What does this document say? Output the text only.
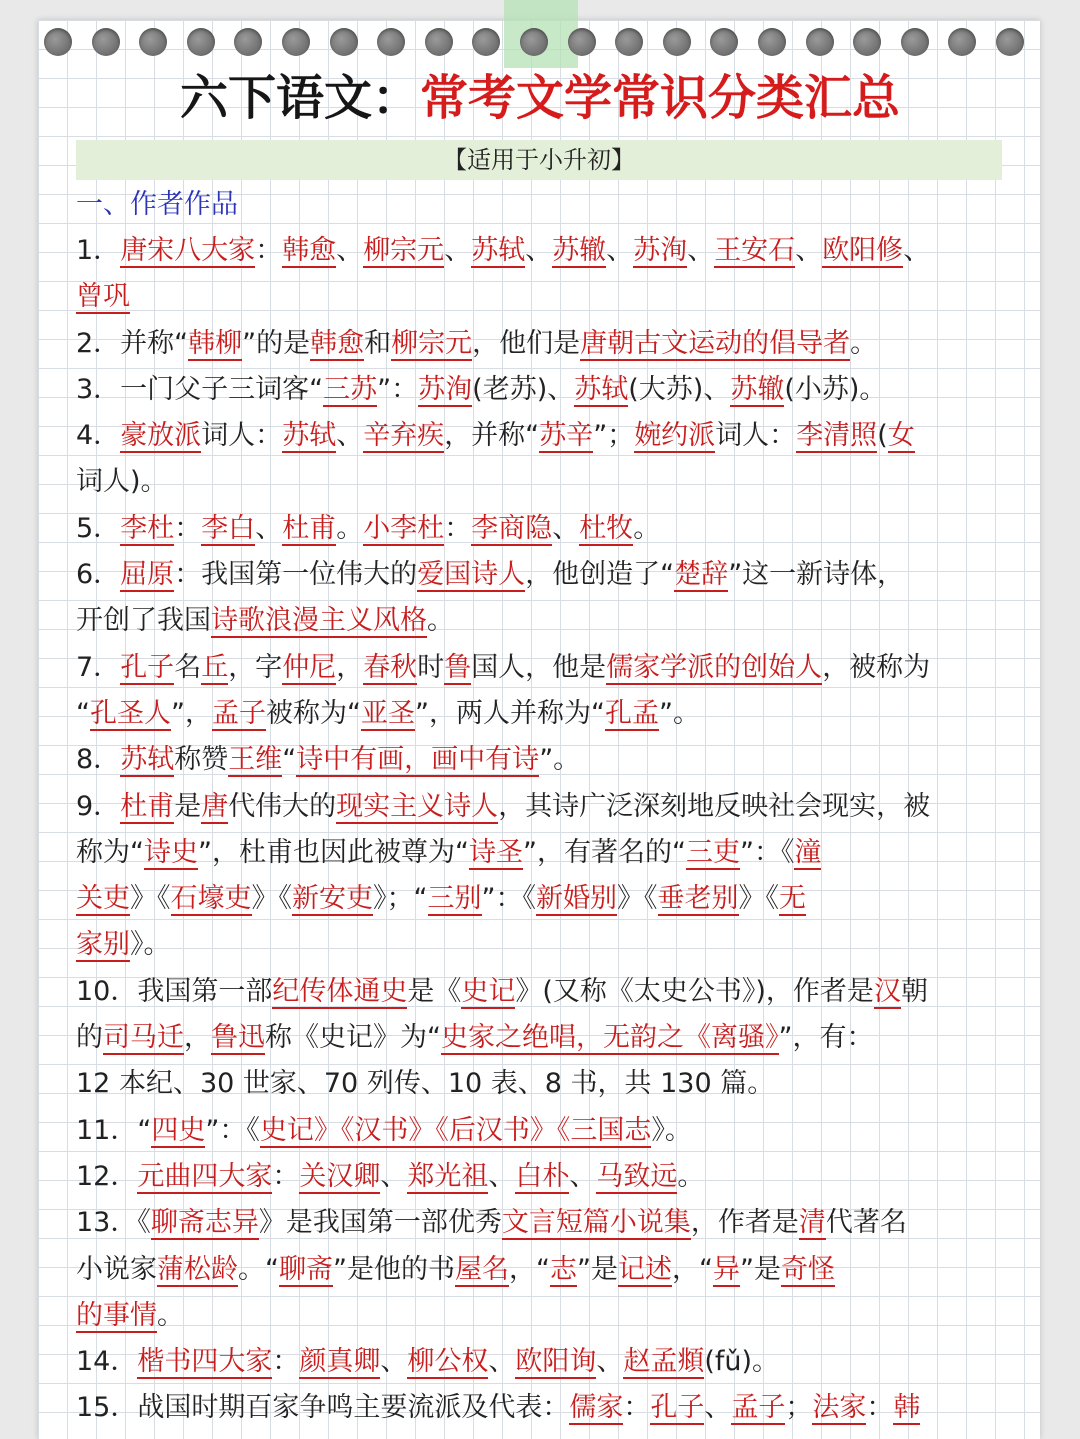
六下语文：常考文学常识分类汇总
【适用于小升初】
一、作者作品
1．唐宋八大家：韩愈、柳宗元、苏轼、苏辙、苏洵、王安石、欧阳修、
曾巩
2．并称“韩柳”的是韩愈和柳宗元，他们是唐朝古文运动的倡导者。
3．一门父子三词客“三苏”：苏洵(老苏)、苏轼(大苏)、苏辙(小苏)。
4．豪放派词人：苏轼、辛弃疾，并称“苏辛”；婉约派词人：李清照(女
词人)。
5．李杜：李白、杜甫。小李杜：李商隐、杜牧。
6．屈原：我国第一位伟大的爱国诗人，他创造了“楚辞”这一新诗体，
开创了我国诗歌浪漫主义风格。
7．孔子名丘，字仲尼，春秋时鲁国人，他是儒家学派的创始人，被称为
“孔圣人”，孟子被称为“亚圣”，两人并称为“孔孟”。
8．苏轼称赞王维“诗中有画，画中有诗”。
9．杜甫是唐代伟大的现实主义诗人，其诗广泛深刻地反映社会现实，被
称为“诗史”，杜甫也因此被尊为“诗圣”，有著名的“三吏”：《潼
关吏》《石壕吏》《新安吏》；“三别”：《新婚别》《垂老别》《无
家别》。
10．我国第一部纪传体通史是《史记》(又称《太史公书》)，作者是汉朝
的司马迁，鲁迅称《史记》为“史家之绝唱，无韵之《离骚》”，有：
12 本纪、30 世家、70 列传、10 表、8 书，共 130 篇。
11．“四史”：《史记》《汉书》《后汉书》《三国志》。
12．元曲四大家：关汉卿、郑光祖、白朴、马致远。
13．《聊斋志异》是我国第一部优秀文言短篇小说集，作者是清代著名
小说家蒲松龄。“聊斋”是他的书屋名，“志”是记述，“异”是奇怪
的事情。
14．楷书四大家：颜真卿、柳公权、欧阳询、赵孟頫(fǔ)。
15．战国时期百家争鸣主要流派及代表：儒家：孔子、孟子；法家：韩
